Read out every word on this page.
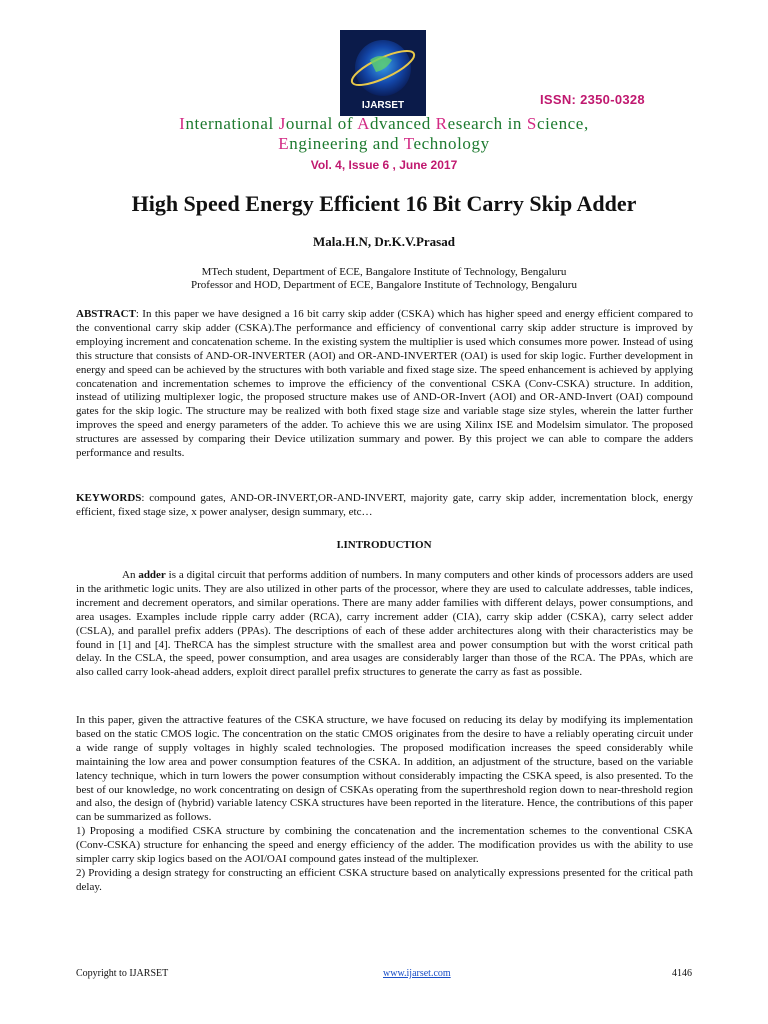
IJARSET	ISSN: 2350-0328
International Journal of Advanced Research in Science,
Engineering and Technology
Vol. 4, Issue 6 , June 2017
High Speed Energy Efficient 16 Bit Carry Skip Adder
Mala.H.N, Dr.K.V.Prasad
MTech student, Department of ECE, Bangalore Institute of Technology, Bengaluru
Professor and HOD, Department of ECE, Bangalore Institute of Technology, Bengaluru
ABSTRACT: In this paper we have designed a 16 bit carry skip adder (CSKA) which has higher speed and energy efficient compared to the conventional carry skip adder (CSKA).The performance and efficiency of conventional carry skip adder structure is improved by employing increment and concatenation scheme. In the existing system the multiplier is used which consumes more power. Instead of using this structure that consists of AND-OR-INVERTER (AOI) and OR-AND-INVERTER (OAI) is used for skip logic. Further development in energy and speed can be achieved by the structures with both variable and fixed stage size. The speed enhancement is achieved by applying concatenation and incrementation schemes to improve the efficiency of the conventional CSKA (Conv-CSKA) structure. In addition, instead of utilizing multiplexer logic, the proposed structure makes use of AND-OR-Invert (AOI) and OR-AND-Invert (OAI) compound gates for the skip logic. The structure may be realized with both fixed stage size and variable stage size styles, wherein the latter further improves the speed and energy parameters of the adder. To achieve this we are using Xilinx ISE and Modelsim simulator. The proposed structures are assessed by comparing their Device utilization summary and power. By this project we can able to compare the adders performance and results.
KEYWORDS: compound gates, AND-OR-INVERT,OR-AND-INVERT, majority gate, carry skip adder, incrementation block, energy efficient, fixed stage size, x power analyser, design summary, etc…
I.INTRODUCTION
An adder is a digital circuit that performs addition of numbers. In many computers and other kinds of processors adders are used in the arithmetic logic units. They are also utilized in other parts of the processor, where they are used to calculate addresses, table indices, increment and decrement operators, and similar operations. There are many adder families with different delays, power consumptions, and area usages. Examples include ripple carry adder (RCA), carry increment adder (CIA), carry skip adder (CSKA), carry select adder (CSLA), and parallel prefix adders (PPAs). The descriptions of each of these adder architectures along with their characteristics may be found in [1] and [4]. TheRCA has the simplest structure with the smallest area and power consumption but with the worst critical path delay. In the CSLA, the speed, power consumption, and area usages are considerably larger than those of the RCA. The PPAs, which are also called carry look-ahead adders, exploit direct parallel prefix structures to generate the carry as fast as possible.
In this paper, given the attractive features of the CSKA structure, we have focused on reducing its delay by modifying its implementation based on the static CMOS logic. The concentration on the static CMOS originates from the desire to have a reliably operating circuit under a wide range of supply voltages in highly scaled technologies. The proposed modification increases the speed considerably while maintaining the low area and power consumption features of the CSKA. In addition, an adjustment of the structure, based on the variable latency technique, which in turn lowers the power consumption without considerably impacting the CSKA speed, is also presented. To the best of our knowledge, no work concentrating on design of CSKAs operating from the superthreshold region down to near-threshold region and also, the design of (hybrid) variable latency CSKA structures have been reported in the literature. Hence, the contributions of this paper can be summarized as follows.
1) Proposing a modified CSKA structure by combining the concatenation and the incrementation schemes to the conventional CSKA (Conv-CSKA) structure for enhancing the speed and energy efficiency of the adder. The modification provides us with the ability to use simpler carry skip logics based on the AOI/OAI compound gates instead of the multiplexer.
2) Providing a design strategy for constructing an efficient CSKA structure based on analytically expressions presented for the critical path delay.
Copyright to IJARSET	www.ijarset.com	4146
